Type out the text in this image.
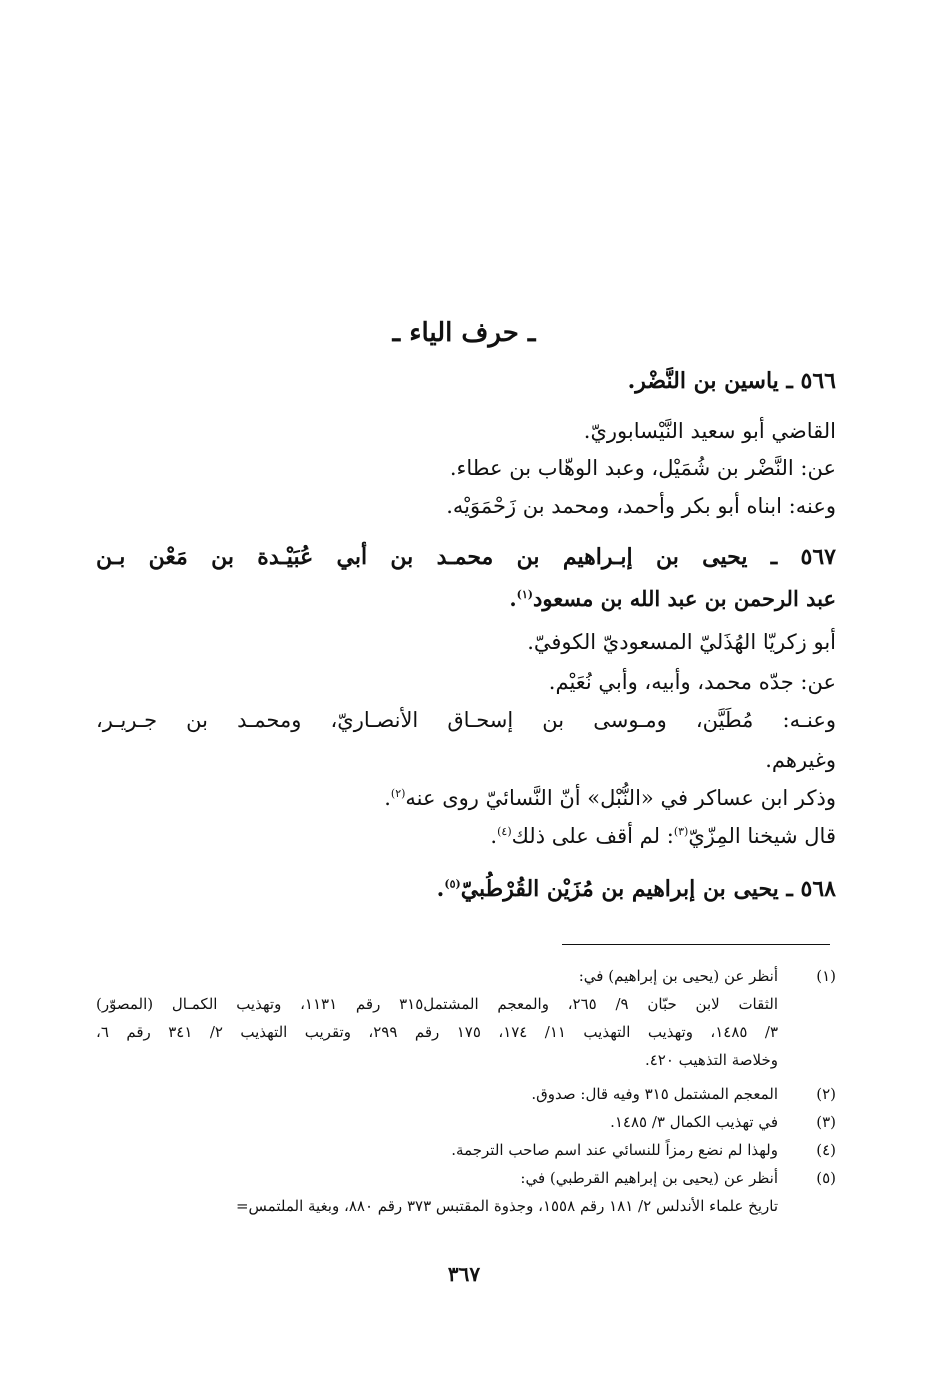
ـ حرف الياء ـ
٥٦٦ ـ ياسين بن النَّضْر.
القاضي أبو سعيد النَّيْسابوريّ.
عن: النَّضْر بن شُمَيْل، وعبد الوهّاب بن عطاء.
وعنه: ابناه أبو بكر وأحمد، ومحمد بن زَحْمَوَيْه.
٥٦٧ ـ يحيى بن إبـراهيم بن محمـد بن أبي عُبَيْـدة بن مَعْن بـن
عبد الرحمن بن عبد الله بن مسعود$^{(١)}$.
أبو زكريّا الهُذَليّ المسعوديّ الكوفيّ.
عن: جدّه محمد، وأبيه، وأبي نُعَيْم.
وعنـه: مُطَيَّن، ومـوسى بن إسحـاق الأنصـاريّ، ومحمـد بن جـريـر،
وغيرهم.
وذكر ابن عساكر في «النُّبْل» أنّ النَّسائيّ روى عنه$^{(٢)}$.
قال شيخنا المِزّيّ$^{(٣)}$: لم أقف على ذلك$^{(٤)}$.
٥٦٨ ـ يحيى بن إبراهيم بن مُزَيْن القُرْطُبيّ$^{(٥)}$.
(١)
أنظر عن (يحيى بن إبراهيم) في:
الثقات لابن حبّان ٩/ ٢٦٥، والمعجم المشتمل٣١٥ رقم ١١٣١، وتهذيب الكمـال (المصوّر)
٣/ ١٤٨٥، وتهذيب التهذيب ١١/ ١٧٤، ١٧٥ رقم ٢٩٩، وتقريب التهذيب ٢/ ٣٤١ رقم ٦،
وخلاصة التذهيب ٤٢٠.
(٢)
المعجم المشتمل ٣١٥ وفيه قال: صدوق.
(٣)
في تهذيب الكمال ٣/ ١٤٨٥.
(٤)
ولهذا لم نضع رمزاً للنسائي عند اسم صاحب الترجمة.
(٥)
أنظر عن (يحيى بن إبراهيم القرطبي) في:
تاريخ علماء الأندلس ٢/ ١٨١ رقم ١٥٥٨، وجذوة المقتبس ٣٧٣ رقم ٨٨٠، وبغية الملتمس=
٣٦٧
